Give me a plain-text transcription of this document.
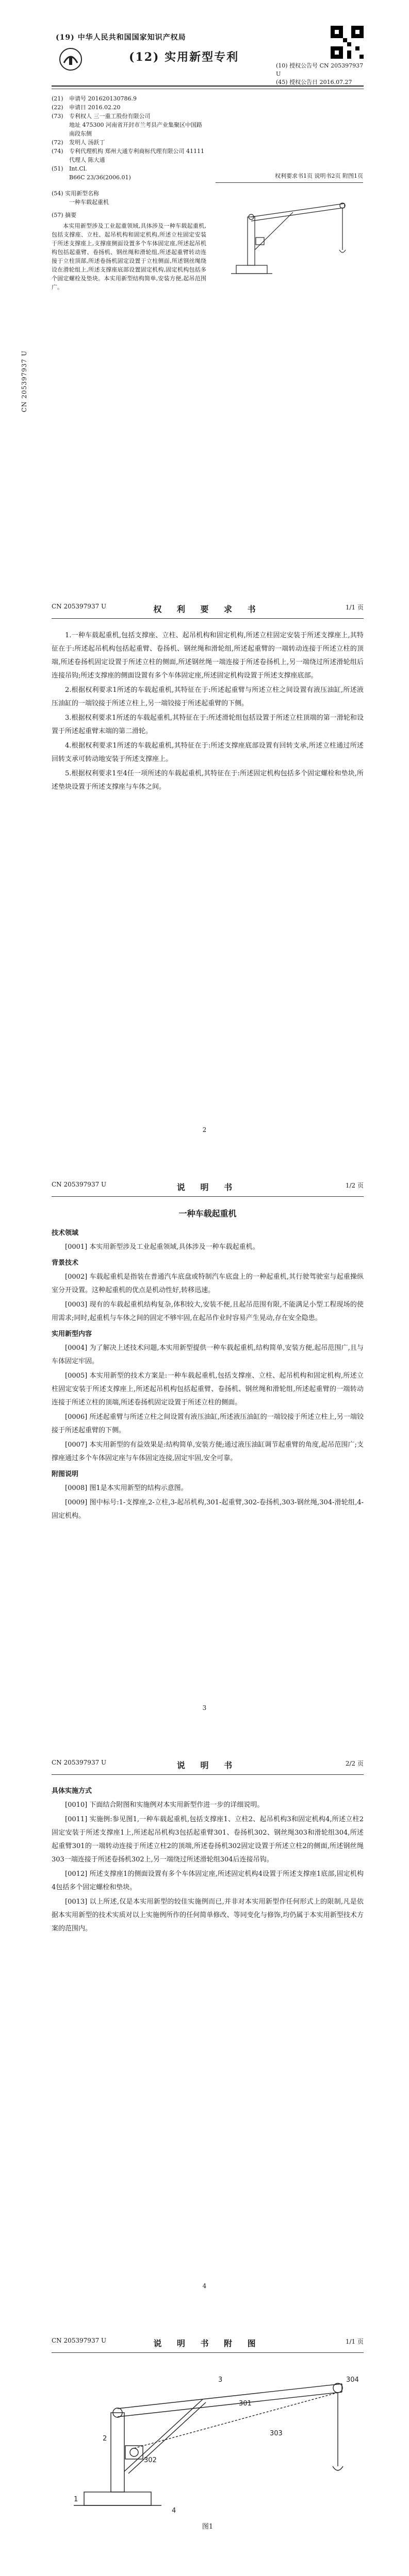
(19) 中华人民共和国国家知识产权局
(12) 实用新型专利
(10) 授权公告号 CN 205397937 U
(45) 授权公告日 2016.07.27
(21)	申请号 201620130786.9
(22)	申请日 2016.02.20
(73)	专利权人 三一重工股份有限公司
地址 475300 河南省开封市兰考县产业集聚区中国路南段东侧
(72)	发明人 汤跃丁
(74)	专利代理机构 郑州大通专利商标代理有限公司 41111
代理人 陈大通
(51)	Int.Cl.
B66C 23/36(2006.01)
(54) 实用新型名称
一种车载起重机
(57) 摘要
本实用新型涉及工业起重领域,具体涉及一种车载起重机,包括支撑座、立柱、起吊机构和固定机构,所述立柱固定安装于所述支撑座上,支撑座侧面设置多个车体固定座,所述起吊机构包括起重臂、卷扬机、钢丝绳和滑轮组,所述起重臂转动连接于立柱顶部,所述卷扬机固定设置于立柱侧面,所述钢丝绳绕设在滑轮组上,所述支撑座底部设置固定机构,固定机构包括多个固定螺栓及垫块。本实用新型结构简单,安装方便,起吊范围广。
权利要求书1页 说明书2页 附图1页
CN 205397937 U
CN 205397937 U	权 利 要 求 书	1/1 页

1.一种车载起重机,包括支撑座、立柱、起吊机构和固定机构,所述立柱固定安装于所述支撑座上,其特征在于:所述起吊机构包括起重臂、卷扬机、钢丝绳和滑轮组,所述起重臂的一端转动连接于所述立柱的顶端,所述卷扬机固定设置于所述立柱的侧面,所述钢丝绳一端连接于所述卷扬机上,另一端绕过所述滑轮组后连接吊钩;所述支撑座的侧面设置有多个车体固定座,所述固定机构设置于所述支撑座底部。

2.根据权利要求1所述的车载起重机,其特征在于:所述起重臂与所述立柱之间设置有液压油缸,所述液压油缸的一端铰接于所述立柱上,另一端铰接于所述起重臂的下侧。

3.根据权利要求1所述的车载起重机,其特征在于:所述滑轮组包括设置于所述立柱顶端的第一滑轮和设置于所述起重臂末端的第二滑轮。

4.根据权利要求1所述的车载起重机,其特征在于:所述支撑座底部设置有回转支承,所述立柱通过所述回转支承可转动地安装于所述支撑座上。

5.根据权利要求1至4任一项所述的车载起重机,其特征在于:所述固定机构包括多个固定螺栓和垫块,所述垫块设置于所述支撑座与车体之间。

2
CN 205397937 U	说 明 书	1/2 页
一种车载起重机
技术领域

[0001] 本实用新型涉及工业起重领域,具体涉及一种车载起重机。

背景技术

[0002] 车载起重机是指装在普通汽车底盘或特制汽车底盘上的一种起重机,其行驶驾驶室与起重操纵室分开设置。这种起重机的优点是机动性好,转移迅速。

[0003] 现有的车载起重机结构复杂,体积较大,安装不便,且起吊范围有限,不能满足小型工程现场的使用需求;同时,起重机与车体之间的固定不够牢固,在起吊作业时容易产生晃动,存在安全隐患。

实用新型内容

[0004] 为了解决上述技术问题,本实用新型提供一种车载起重机,结构简单,安装方便,起吊范围广,且与车体固定牢固。

[0005] 本实用新型的技术方案是:一种车载起重机,包括支撑座、立柱、起吊机构和固定机构,所述立柱固定安装于所述支撑座上,所述起吊机构包括起重臂、卷扬机、钢丝绳和滑轮组,所述起重臂的一端转动连接于所述立柱的顶端,所述卷扬机固定设置于所述立柱的侧面。

[0006] 所述起重臂与所述立柱之间设置有液压油缸,所述液压油缸的一端铰接于所述立柱上,另一端铰接于所述起重臂的下侧。

[0007] 本实用新型的有益效果是:结构简单,安装方便;通过液压油缸调节起重臂的角度,起吊范围广;支撑座通过多个车体固定座与车体固定连接,固定牢固,安全可靠。

附图说明

[0008] 图1是本实用新型的结构示意图。

[0009] 图中标号:1-支撑座,2-立柱,3-起吊机构,301-起重臂,302-卷扬机,303-钢丝绳,304-滑轮组,4-固定机构。

3
CN 205397937 U	说 明 书	2/2 页
具体实施方式

[0010] 下面结合附图和实施例对本实用新型作进一步的详细说明。

[0011] 实施例:参见图1,一种车载起重机,包括支撑座1、立柱2、起吊机构3和固定机构4,所述立柱2固定安装于所述支撑座1上,所述起吊机构3包括起重臂301、卷扬机302、钢丝绳303和滑轮组304,所述起重臂301的一端转动连接于所述立柱2的顶端,所述卷扬机302固定设置于所述立柱2的侧面,所述钢丝绳303一端连接于所述卷扬机302上,另一端绕过所述滑轮组304后连接吊钩。

[0012] 所述支撑座1的侧面设置有多个车体固定座,所述固定机构4设置于所述支撑座1底部,固定机构4包括多个固定螺栓和垫块。

[0013] 以上所述,仅是本实用新型的较佳实施例而已,并非对本实用新型作任何形式上的限制,凡是依据本实用新型的技术实质对以上实施例所作的任何简单修改、等同变化与修饰,均仍属于本实用新型技术方案的范围内。

4
CN 205397937 U	说 明 书 附 图	1/1 页
1
2
3
4
301
302
303
304
图1
